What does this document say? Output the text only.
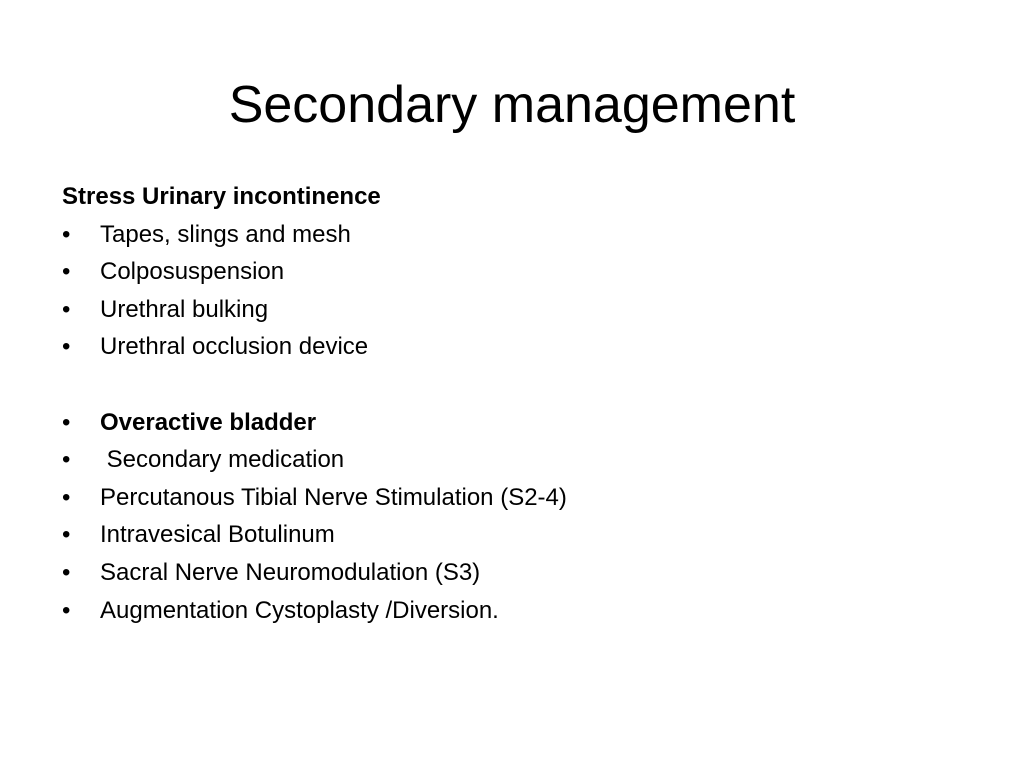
Secondary management
Stress Urinary incontinence

•

	Tapes, slings and mesh

•

	Colposuspension

•

	Urethral bulking

•

	Urethral occlusion device

•

	Overactive bladder

•

	Secondary medication

•

	Percutanous Tibial Nerve Stimulation (S2-4)

•

	Intravesical Botulinum

•

	Sacral Nerve Neuromodulation (S3)

•

	Augmentation Cystoplasty /Diversion.
